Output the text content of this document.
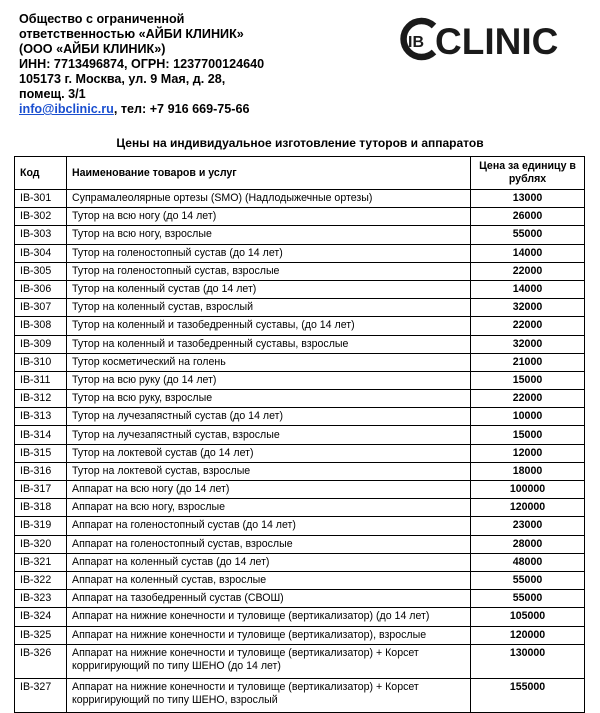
Общество с ограниченной
ответственностью «АЙБИ КЛИНИК»
(ООО «АЙБИ КЛИНИК»)
ИНН: 7713496874, ОГРН: 1237700124640
105173 г. Москва, ул. 9 Мая, д. 28,
помещ. 3/1
info@ibclinic.ru, тел: +7 916 669-75-66
IB CLINIC
Цены на индивидуальное изготовление туторов и аппаратов
Код	Наименование товаров и услуг	Цена за единицу в рублях
IB-301	Супрамалеолярные ортезы (SMO) (Надлодыжечные ортезы)	13000
IB-302	Тутор на всю ногу (до 14 лет)	26000
IB-303	Тутор на всю ногу, взрослые	55000
IB-304	Тутор на голеностопный сустав (до 14 лет)	14000
IB-305	Тутор на голеностопный сустав, взрослые	22000
IB-306	Тутор на коленный сустав (до 14 лет)	14000
IB-307	Тутор на коленный сустав, взрослый	32000
IB-308	Тутор на коленный и тазобедренный суставы, (до 14 лет)	22000
IB-309	Тутор на коленный и тазобедренный суставы, взрослые	32000
IB-310	Тутор косметический на голень	21000
IB-311	Тутор на всю руку (до 14 лет)	15000
IB-312	Тутор на всю руку, взрослые	22000
IB-313	Тутор на лучезапястный сустав (до 14 лет)	10000
IB-314	Тутор на лучезапястный сустав, взрослые	15000
IB-315	Тутор на локтевой сустав (до 14 лет)	12000
IB-316	Тутор на локтевой сустав, взрослые	18000
IB-317	Аппарат на всю ногу (до 14 лет)	100000
IB-318	Аппарат на всю ногу, взрослые	120000
IB-319	Аппарат на голеностопный сустав (до 14 лет)	23000
IB-320	Аппарат на голеностопный сустав, взрослые	28000
IB-321	Аппарат на коленный сустав (до 14 лет)	48000
IB-322	Аппарат на коленный сустав, взрослые	55000
IB-323	Аппарат на тазобедренный сустав (СВОШ)	55000
IB-324	Аппарат на нижние конечности и туловище (вертикализатор) (до 14 лет)	105000
IB-325	Аппарат на нижние конечности и туловище (вертикализатор), взрослые	120000
IB-326	Аппарат на нижние конечности и туловище (вертикализатор) + Корсет корригирующий по типу ШЕНО (до 14 лет)	130000
IB-327	Аппарат на нижние конечности и туловище (вертикализатор) + Корсет корригирующий по типу ШЕНО, взрослый	155000
